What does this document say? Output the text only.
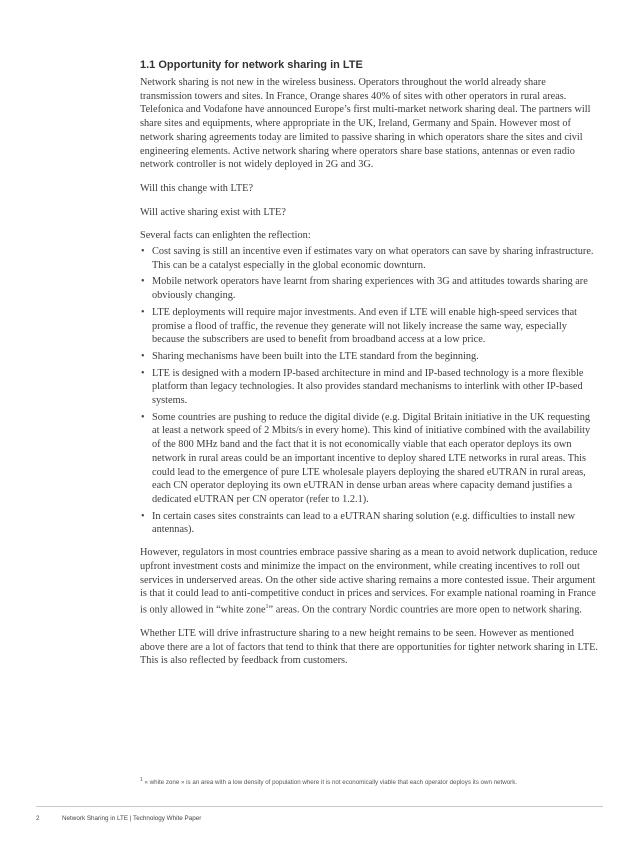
1.1 Opportunity for network sharing in LTE

Network sharing is not new in the wireless business. Operators throughout the world already share transmission towers and sites. In France, Orange shares 40% of sites with other operators in rural areas. Telefonica and Vodafone have announced Europe’s first multi-market network sharing deal. The partners will share sites and equipments, where appropriate in the UK, Ireland, Germany and Spain. However most of network sharing agreements today are limited to passive sharing in which operators share the sites and civil engineering elements. Active network sharing where operators share base stations, antennas or even radio network controller is not widely deployed in 2G and 3G.

Will this change with LTE?

Will active sharing exist with LTE?

Several facts can enlighten the reflection:

• Cost saving is still an incentive even if estimates vary on what operators can save by sharing infrastructure. This can be a catalyst especially in the global economic downturn.
• Mobile network operators have learnt from sharing experiences with 3G and attitudes towards sharing are obviously changing.
• LTE deployments will require major investments. And even if LTE will enable high-speed services that promise a flood of traffic, the revenue they generate will not likely increase the same way, especially because the subscribers are used to benefit from broadband access at a low price.
• Sharing mechanisms have been built into the LTE standard from the beginning.
• LTE is designed with a modern IP-based architecture in mind and IP-based technology is a more flexible platform than legacy technologies. It also provides standard mechanisms to interlink with other IP-based systems.
• Some countries are pushing to reduce the digital divide (e.g. Digital Britain initiative in the UK requesting at least a network speed of 2 Mbits/s in every home). This kind of initiative combined with the availability of the 800 MHz band and the fact that it is not economically viable that each operator deploys its own network in rural areas could be an important incentive to deploy shared LTE networks in rural areas. This could lead to the emergence of pure LTE wholesale players deploying the shared eUTRAN in rural areas, each CN operator deploying its own eUTRAN in dense urban areas where capacity demand justifies a dedicated eUTRAN per CN operator (refer to 1.2.1).
• In certain cases sites constraints can lead to a eUTRAN sharing solution (e.g. difficulties to install new antennas).

However, regulators in most countries embrace passive sharing as a mean to avoid network duplication, reduce upfront investment costs and minimize the impact on the environment, while creating incentives to roll out services in underserved areas. On the other side active sharing remains a more contested issue. Their argument is that it could lead to anti-competitive conduct in prices and services. For example national roaming in France is only allowed in “white zone$^1$” areas. On the contrary Nordic countries are more open to network sharing.

Whether LTE will drive infrastructure sharing to a new height remains to be seen. However as mentioned above there are a lot of factors that tend to think that there are opportunities for tighter network sharing in LTE. This is also reflected by feedback from customers.

$^1$ « white zone » is an area with a low density of population where it is not economically viable that each operator deploys its own network.
2	Network Sharing in LTE | Technology White Paper
